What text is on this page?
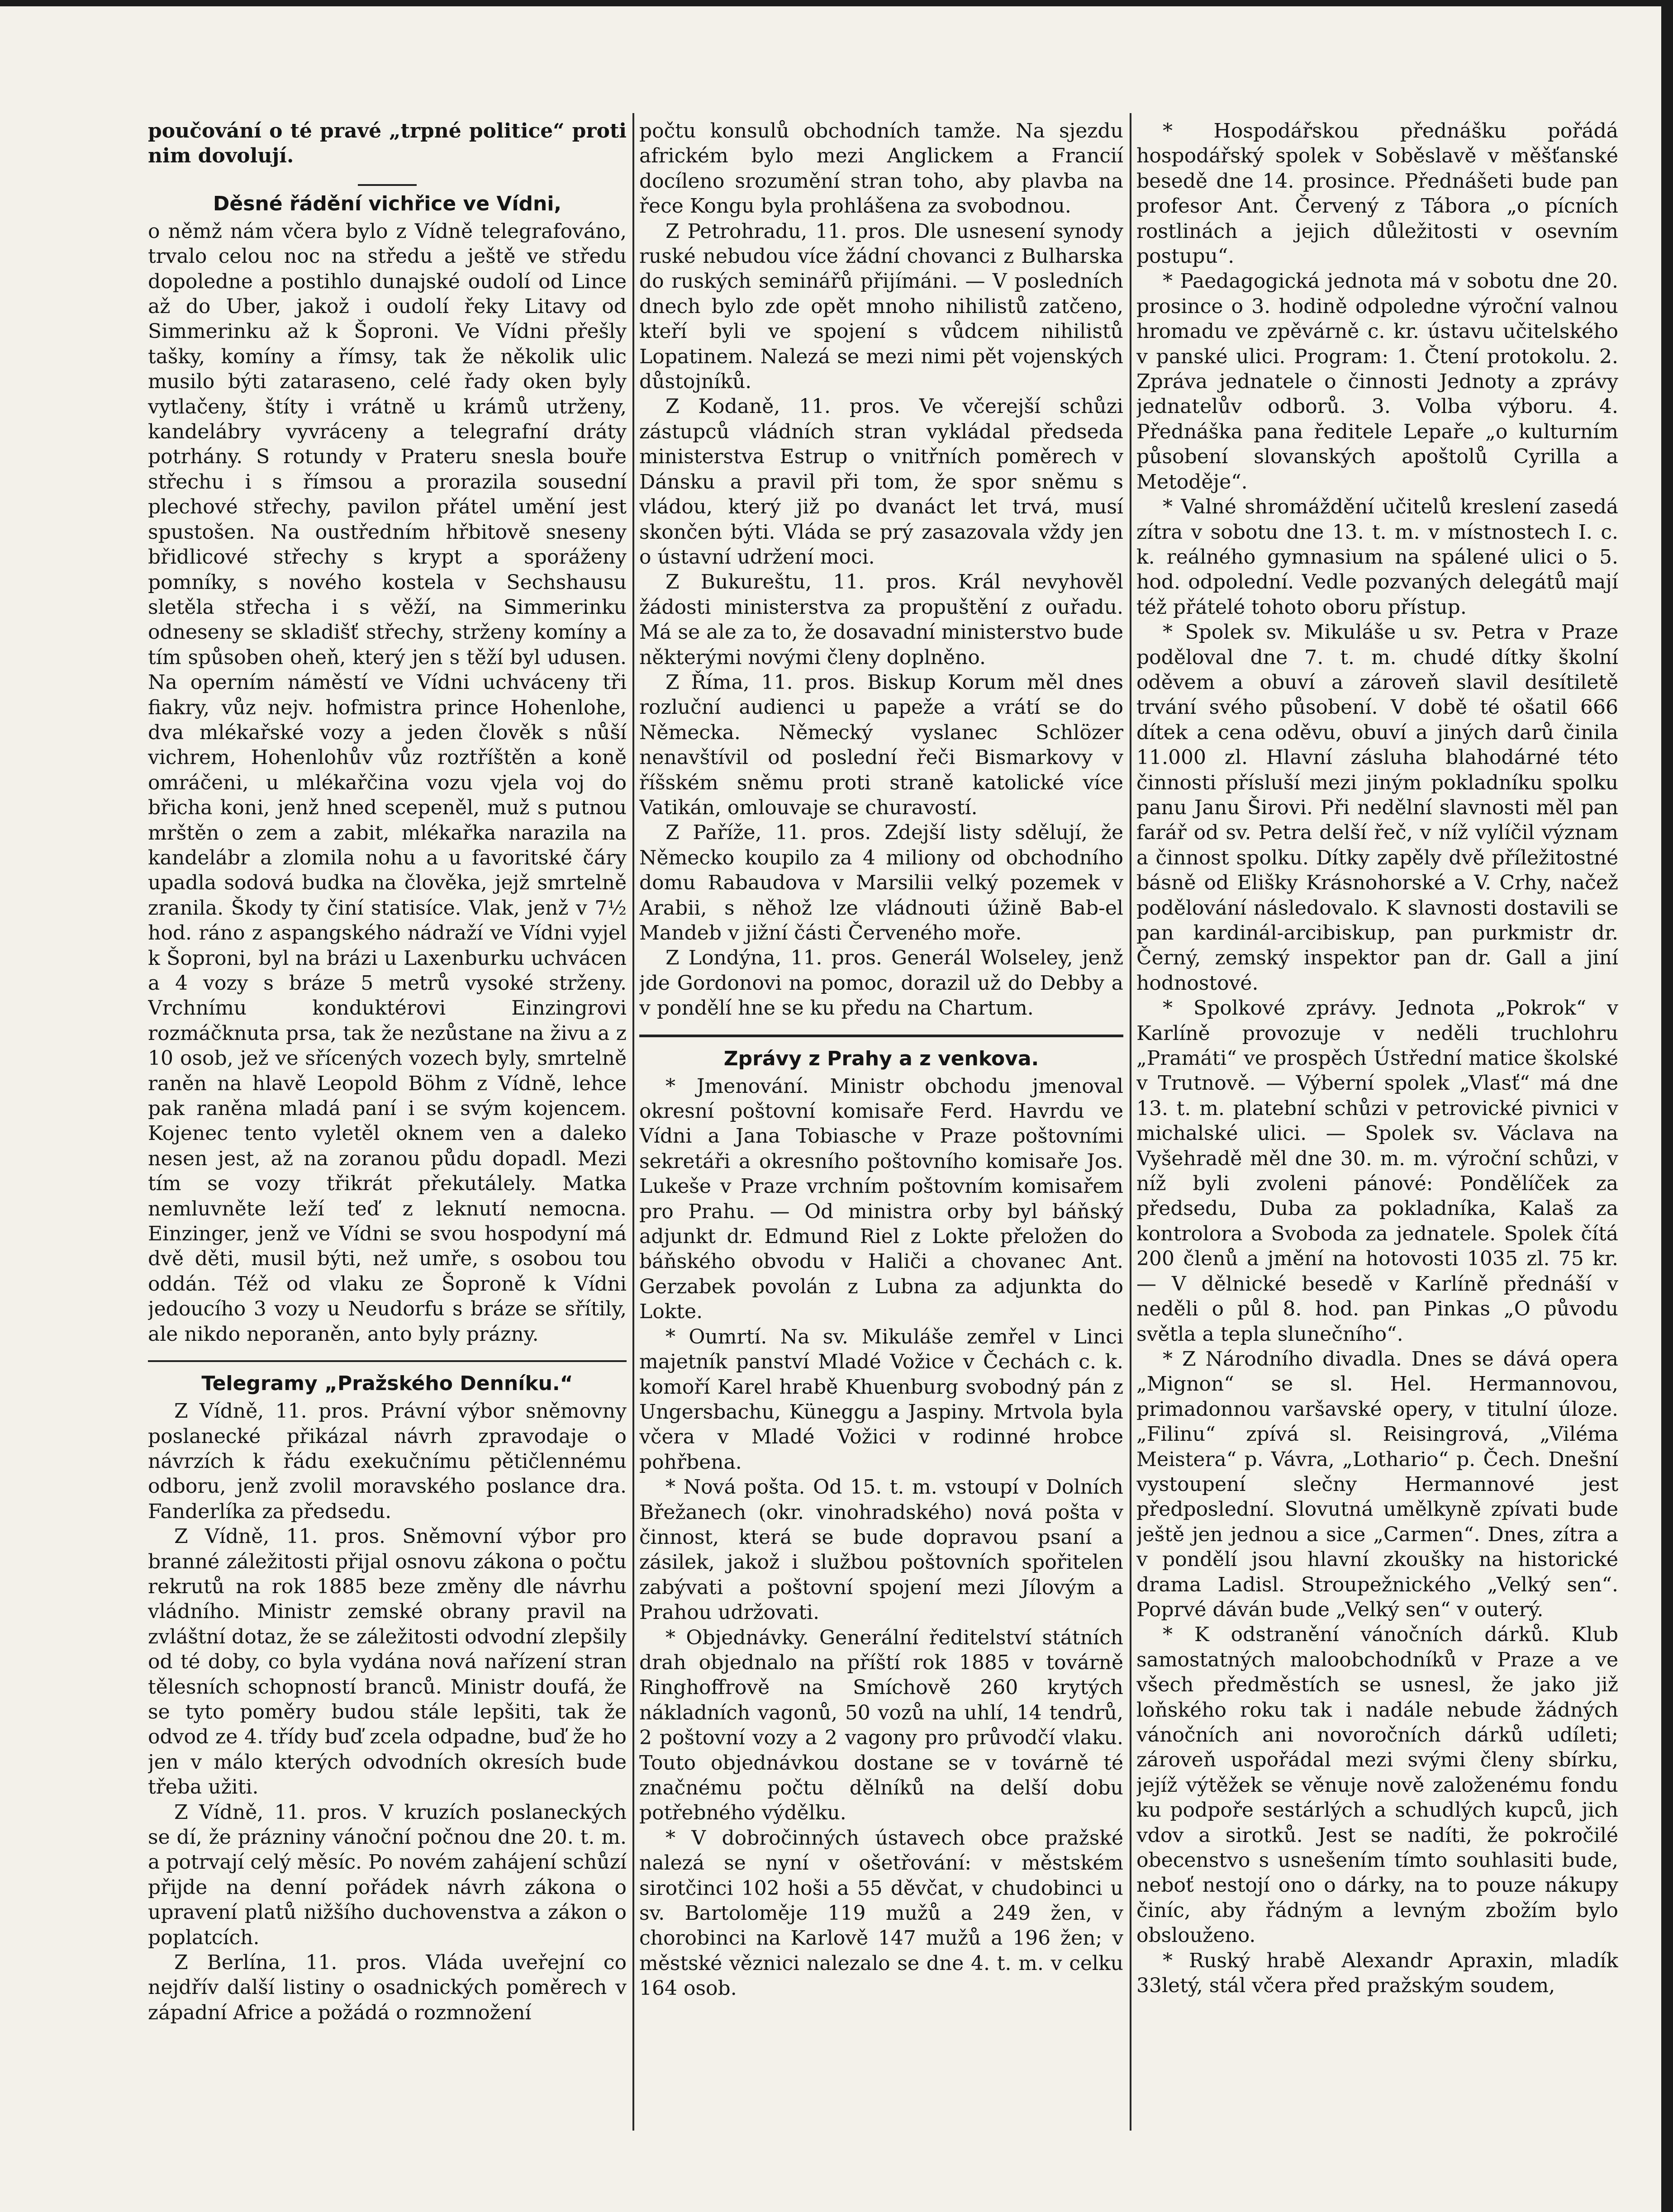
poučování o té pravé „trpné politice“ proti nim dovolují.

Děsné řádění vichřice ve Vídni,

o němž nám včera bylo z Vídně telegrafováno, trvalo celou noc na středu a ještě ve středu dopoledne a postihlo dunajské oudolí od Lince až do Uber, jakož i oudolí řeky Litavy od Simmerinku až k Šoproni. Ve Vídni přešly tašky, komíny a římsy, tak že několik ulic musilo býti zataraseno, celé řady oken byly vytlačeny, štíty i vrátně u krámů utrženy, kandelábry vyvráceny a telegrafní dráty potrhány. S rotundy v Prateru snesla bouře střechu i s římsou a prorazila sousední plechové střechy, pavilon přátel umění jest spustošen. Na oustředním hřbitově sneseny břidlicové střechy s krypt a sporáženy pomníky, s nového kostela v Sechshausu sletěla střecha i s věží, na Simmerinku odneseny se skladišť střechy, strženy komíny a tím spůsoben oheň, který jen s těží byl udusen. Na operním náměstí ve Vídni uchváceny tři fiakry, vůz nejv. hofmistra prince Hohenlohe, dva mlékařské vozy a jeden člověk s nůší vichrem, Hohenlohův vůz roztříštěn a koně omráčeni, u mlékařčina vozu vjela voj do břicha koni, jenž hned scepeněl, muž s putnou mrštěn o zem a zabit, mlékařka narazila na kandelábr a zlomila nohu a u favoritské čáry upadla sodová budka na člověka, jejž smrtelně zranila. Škody ty činí statisíce. Vlak, jenž v 7½ hod. ráno z aspangského nádraží ve Vídni vyjel k Šoproni, byl na brázi u Laxenburku uchvácen a 4 vozy s bráze 5 metrů vysoké strženy. Vrchnímu konduktérovi Einzingrovi rozmáčknuta prsa, tak že nezůstane na živu a z 10 osob, jež ve sřícených vozech byly, smrtelně raněn na hlavě Leopold Böhm z Vídně, lehce pak raněna mladá paní i se svým kojencem. Kojenec tento vyletěl oknem ven a daleko nesen jest, až na zoranou půdu dopadl. Mezi tím se vozy třikrát překutálely. Matka nemluvněte leží teď z leknutí nemocna. Einzinger, jenž ve Vídni se svou hospodyní má dvě děti, musil býti, než umře, s osobou tou oddán. Též od vlaku ze Šoproně k Vídni jedoucího 3 vozy u Neudorfu s bráze se sřítily, ale nikdo neporaněn, anto byly prázny.

Telegramy „Pražského Denníku.“

Z Vídně, 11. pros. Právní výbor sněmovny poslanecké přikázal návrh zpravodaje o návrzích k řádu exekučnímu pětičlennému odboru, jenž zvolil moravského poslance dra. Fanderlíka za předsedu.

Z Vídně, 11. pros. Sněmovní výbor pro branné záležitosti přijal osnovu zákona o počtu rekrutů na rok 1885 beze změny dle návrhu vládního. Ministr zemské obrany pravil na zvláštní dotaz, že se záležitosti odvodní zlepšily od té doby, co byla vydána nová nařízení stran tělesních schopností branců. Ministr doufá, že se tyto poměry budou stále lepšiti, tak že odvod ze 4. třídy buď zcela odpadne, buď že ho jen v málo kterých odvodních okresích bude třeba užiti.

Z Vídně, 11. pros. V kruzích poslaneckých se dí, že prázniny vánoční počnou dne 20. t. m. a potrvají celý měsíc. Po novém zahájení schůzí přijde na denní pořádek návrh zákona o upravení platů nižšího duchovenstva a zákon o poplatcích.

Z Berlína, 11. pros. Vláda uveřejní co nejdřív další listiny o osadnických poměrech v západní Africe a požádá o rozmnožení

počtu konsulů obchodních tamže. Na sjezdu africkém bylo mezi Anglickem a Francií docíleno srozumění stran toho, aby plavba na řece Kongu byla prohlášena za svobodnou.

Z Petrohradu, 11. pros. Dle usnesení synody ruské nebudou více žádní chovanci z Bulharska do ruských seminářů přijímáni. — V posledních dnech bylo zde opět mnoho nihilistů zatčeno, kteří byli ve spojení s vůdcem nihilistů Lopatinem. Nalezá se mezi nimi pět vojenských důstojníků.

Z Kodaně, 11. pros. Ve včerejší schůzi zástupců vládních stran vykládal předseda ministerstva Estrup o vnitřních poměrech v Dánsku a pravil při tom, že spor sněmu s vládou, který již po dvanáct let trvá, musí skončen býti. Vláda se prý zasazovala vždy jen o ústavní udržení moci.

Z Bukureštu, 11. pros. Král nevyhověl žádosti ministerstva za propuštění z ouřadu. Má se ale za to, že dosavadní ministerstvo bude některými novými členy doplněno.

Z Říma, 11. pros. Biskup Korum měl dnes rozluční audienci u papeže a vrátí se do Německa. Německý vyslanec Schlözer nenavštívil od poslední řeči Bismarkovy v říšském sněmu proti straně katolické více Vatikán, omlouvaje se churavostí.

Z Paříže, 11. pros. Zdejší listy sdělují, že Německo koupilo za 4 miliony od obchodního domu Rabaudova v Marsilii velký pozemek v Arabii, s něhož lze vládnouti úžině Bab-el Mandeb v jižní části Červeného moře.

Z Londýna, 11. pros. Generál Wolseley, jenž jde Gordonovi na pomoc, dorazil už do Debby a v pondělí hne se ku předu na Chartum.

Zprávy z Prahy a z venkova.

* Jmenování. Ministr obchodu jmenoval okresní poštovní komisaře Ferd. Havrdu ve Vídni a Jana Tobiasche v Praze poštovními sekretáři a okresního poštovního komisaře Jos. Lukeše v Praze vrchním poštovním komisařem pro Prahu. — Od ministra orby byl báňský adjunkt dr. Edmund Riel z Lokte přeložen do báňského obvodu v Haliči a chovanec Ant. Gerzabek povolán z Lubna za adjunkta do Lokte.

* Oumrtí. Na sv. Mikuláše zemřel v Linci majetník panství Mladé Vožice v Čechách c. k. komoří Karel hrabě Khuenburg svobodný pán z Ungersbachu, Küneggu a Jaspiny. Mrtvola byla včera v Mladé Vožici v rodinné hrobce pohřbena.

* Nová pošta. Od 15. t. m. vstoupí v Dolních Břežanech (okr. vinohradského) nová pošta v činnost, která se bude dopravou psaní a zásilek, jakož i službou poštovních spořitelen zabývati a poštovní spojení mezi Jílovým a Prahou udržovati.

* Objednávky. Generální ředitelství státních drah objednalo na příští rok 1885 v továrně Ringhoffrově na Smíchově 260 krytých nákladních vagonů, 50 vozů na uhlí, 14 tendrů, 2 poštovní vozy a 2 vagony pro průvodčí vlaku. Touto objednávkou dostane se v továrně té značnému počtu dělníků na delší dobu potřebného výdělku.

* V dobročinných ústavech obce pražské nalezá se nyní v ošetřování: v městském sirotčinci 102 hoši a 55 děvčat, v chudobinci u sv. Bartoloměje 119 mužů a 249 žen, v chorobinci na Karlově 147 mužů a 196 žen; v městské věznici nalezalo se dne 4. t. m. v celku 164 osob.

* Hospodářskou přednášku pořádá hospodářský spolek v Soběslavě v měšťanské besedě dne 14. prosince. Přednášeti bude pan profesor Ant. Červený z Tábora „o pícních rostlinách a jejich důležitosti v osevním postupu“.

* Paedagogická jednota má v sobotu dne 20. prosince o 3. hodině odpoledne výroční valnou hromadu ve zpěvárně c. kr. ústavu učitelského v panské ulici. Program: 1. Čtení protokolu. 2. Zpráva jednatele o činnosti Jednoty a zprávy jednatelův odborů. 3. Volba výboru. 4. Přednáška pana ředitele Lepaře „o kulturním působení slovanských apoštolů Cyrilla a Metoděje“.

* Valné shromáždění učitelů kreslení zasedá zítra v sobotu dne 13. t. m. v místnostech I. c. k. reálného gymnasium na spálené ulici o 5. hod. odpolední. Vedle pozvaných delegátů mají též přátelé tohoto oboru přístup.

* Spolek sv. Mikuláše u sv. Petra v Praze poděloval dne 7. t. m. chudé dítky školní oděvem a obuví a zároveň slavil desítiletě trvání svého působení. V době té ošatil 666 dítek a cena oděvu, obuví a jiných darů činila 11.000 zl. Hlavní zásluha blahodárné této činnosti přísluší mezi jiným pokladníku spolku panu Janu Širovi. Při nedělní slavnosti měl pan farář od sv. Petra delší řeč, v níž vylíčil význam a činnost spolku. Dítky zapěly dvě příležitostné básně od Elišky Krásnohorské a V. Crhy, načež podělování následovalo. K slavnosti dostavili se pan kardinál-arcibiskup, pan purkmistr dr. Černý, zemský inspektor pan dr. Gall a jiní hodnostové.

* Spolkové zprávy. Jednota „Pokrok“ v Karlíně provozuje v neděli truchlohru „Pramáti“ ve prospěch Ústřední matice školské v Trutnově. — Výberní spolek „Vlasť“ má dne 13. t. m. platební schůzi v petrovické pivnici v michalské ulici. — Spolek sv. Václava na Vyšehradě měl dne 30. m. m. výroční schůzi, v níž byli zvoleni pánové: Pondělíček za předsedu, Duba za pokladníka, Kalaš za kontrolora a Svoboda za jednatele. Spolek čítá 200 členů a jmění na hotovosti 1035 zl. 75 kr. — V dělnické besedě v Karlíně přednáší v neděli o půl 8. hod. pan Pinkas „O původu světla a tepla slunečního“.

* Z Národního divadla. Dnes se dává opera „Mignon“ se sl. Hel. Hermannovou, primadonnou varšavské opery, v titulní úloze. „Filinu“ zpívá sl. Reisingrová, „Viléma Meistera“ p. Vávra, „Lothario“ p. Čech. Dnešní vystoupení slečny Hermannové jest předposlední. Slovutná umělkyně zpívati bude ještě jen jednou a sice „Carmen“. Dnes, zítra a v pondělí jsou hlavní zkoušky na historické drama Ladisl. Stroupežnického „Velký sen“. Poprvé dáván bude „Velký sen“ v outerý.

* K odstranění vánočních dárků. Klub samostatných maloobchodníků v Praze a ve všech předměstích se usnesl, že jako již loňského roku tak i nadále nebude žádných vánočních ani novoročních dárků udíleti; zároveň uspořádal mezi svými členy sbírku, jejíž výtěžek se věnuje nově založenému fondu ku podpoře sestárlých a schudlých kupců, jich vdov a sirotků. Jest se nadíti, že pokročilé obecenstvo s usnešením tímto souhlasiti bude, neboť nestojí ono o dárky, na to pouze nákupy činíc, aby řádným a levným zbožím bylo obslouženo.

* Ruský hrabě Alexandr Apraxin, mladík 33letý, stál včera před pražským soudem,
